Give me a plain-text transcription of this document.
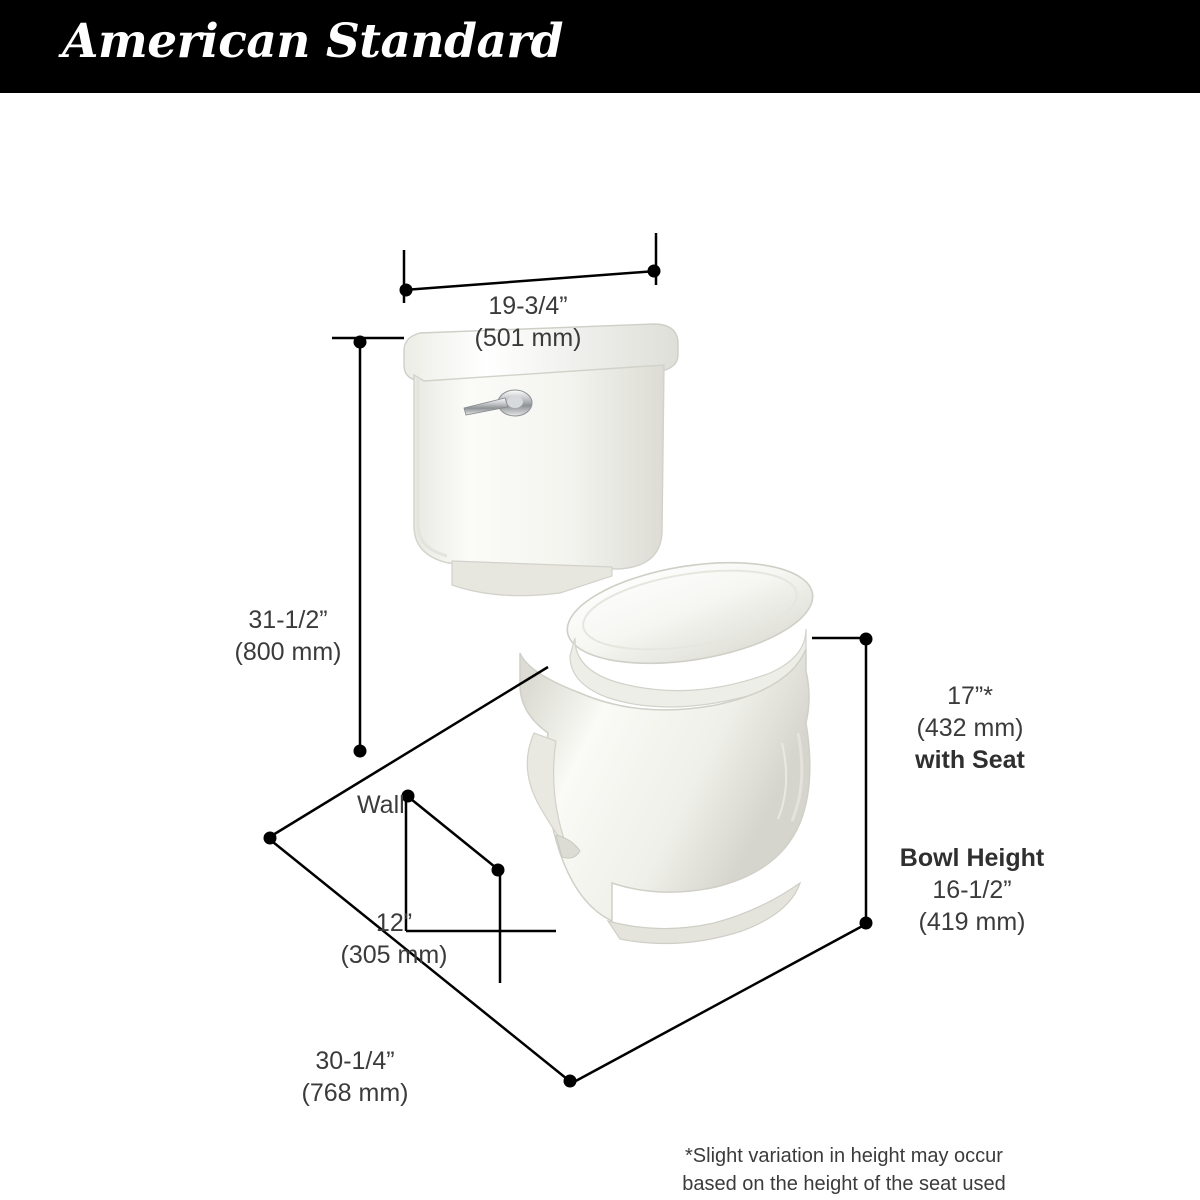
American Standard
19-3/4”
(501 mm)
31-1/2”
(800 mm)
Wall
12”
(305 mm)
30-1/4”
(768 mm)
17”*
(432 mm)
with Seat
Bowl Height
16-1/2”
(419 mm)
*Slight variation in height may occur
based on the height of the seat used
